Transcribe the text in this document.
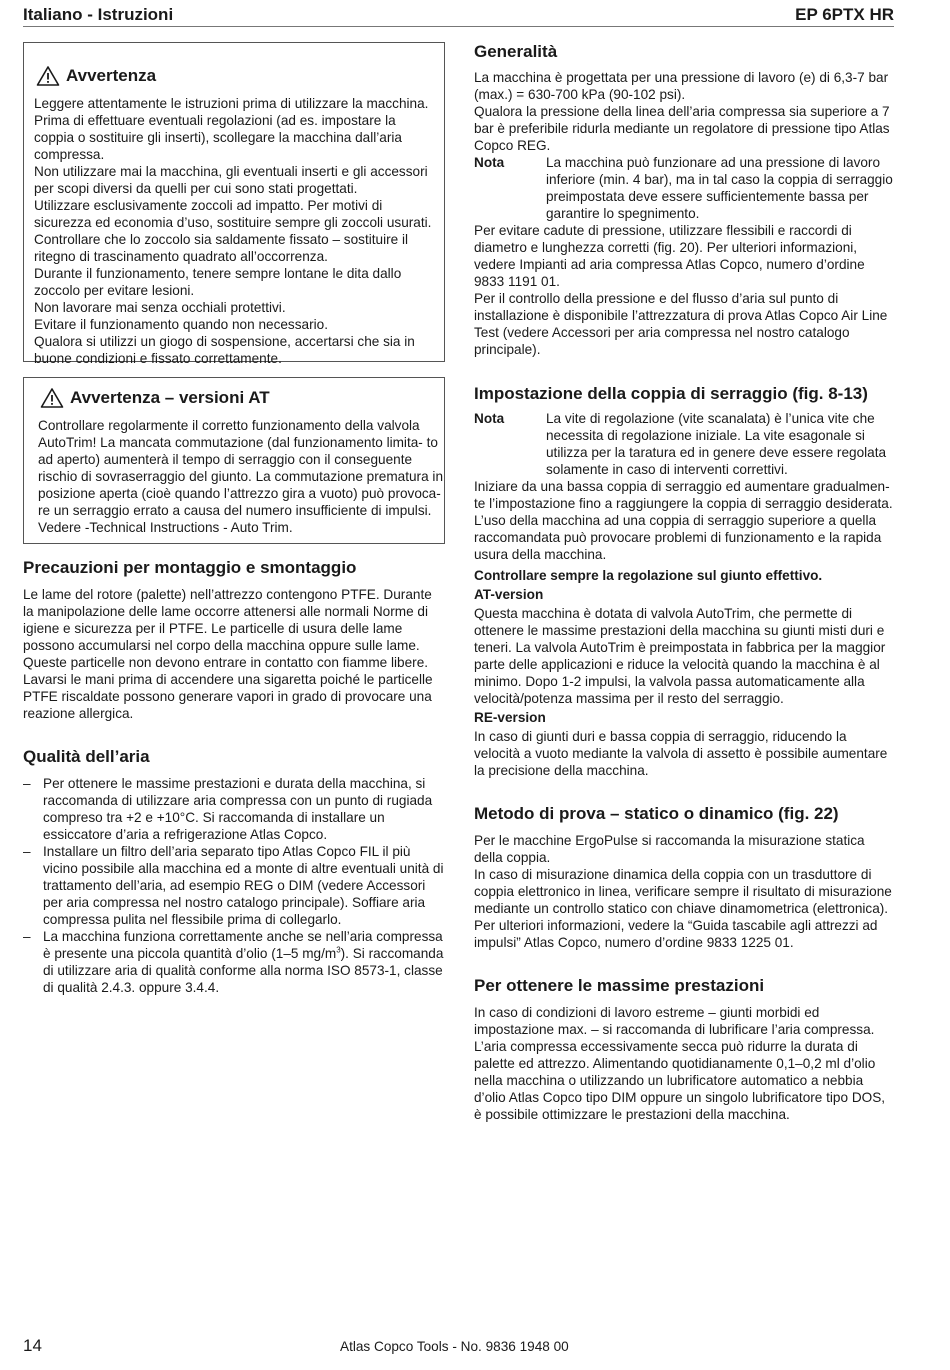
Italiano - Istruzioni	EP 6PTX HR
Avvertenza

Leggere attentamente le istruzioni prima di utilizzare la macchina.

Prima di effettuare eventuali regolazioni (ad es. impostare la coppia o sostituire gli inserti), scollegare la macchina dall’aria compressa.

Non utilizzare mai la macchina, gli eventuali inserti e gli accessori per scopi diversi da quelli per cui sono stati progettati.

Utilizzare esclusivamente zoccoli ad impatto. Per motivi di sicurezza ed economia d’uso, sostituire sempre gli zoccoli usurati.

Controllare che lo zoccolo sia saldamente fissato – sostituire il ritegno di trascinamento quadrato all’occorrenza.

Durante il funzionamento, tenere sempre lontane le dita dallo zoccolo per evitare lesioni.

Non lavorare mai senza occhiali protettivi.

Evitare il funzionamento quando non necessario.

Qualora si utilizzi un giogo di sospensione, accertarsi che sia in buone condizioni e fissato correttamente.

Avvertenza – versioni AT

Controllare regolarmente il corretto funzionamento della valvola AutoTrim! La mancata commutazione (dal funzionamento limita- to ad aperto) aumenterà il tempo di serraggio con il conseguente rischio di sovraserraggio del giunto. La commutazione prematura in posizione aperta (cioè quando l’attrezzo gira a vuoto) può provoca- re un serraggio errato a causa del numero insufficiente di impulsi. Vedere -Technical Instructions - Auto Trim.

Precauzioni per montaggio e smontaggio

Le lame del rotore (palette) nell’attrezzo contengono PTFE. Durante la manipolazione delle lame occorre attenersi alle normali Norme di igiene e sicurezza per il PTFE. Le particelle di usura delle lame possono accumularsi nel corpo della macchina oppure sulle lame. Queste particelle non devono entrare in contatto con fiamme libere. Lavarsi le mani prima di accendere una sigaretta poiché le particelle PTFE riscaldate possono generare vapori in grado di provocare una reazione allergica.

Qualità dell’aria
– Per ottenere le massime prestazioni e durata della macchina, si raccomanda di utilizzare aria compressa con un punto di rugiada compreso tra +2 e +10°C. Si raccomanda di installare un essiccatore d’aria a refrigerazione Atlas Copco.
– Installare un filtro dell’aria separato tipo Atlas Copco FIL il più vicino possibile alla macchina ed a monte di altre eventuali unità di trattamento dell’aria, ad esempio REG o DIM (vedere Accessori per aria compressa nel nostro catalogo principale). Soffiare aria compressa pulita nel flessibile prima di collegarlo.
– La macchina funziona correttamente anche se nell’aria compressa è presente una piccola quantità d’olio (1–5 $mg/m^3$). Si raccomanda di utilizzare aria di qualità conforme alla norma ISO 8573-1, classe di qualità 2.4.3. oppure 3.4.4.
Generalità

La macchina è progettata per una pressione di lavoro (e) di 6,3-7 bar (max.) = 630-700 kPa (90-102 psi).

Qualora la pressione della linea dell’aria compressa sia superiore a 7 bar è preferibile ridurla mediante un regolatore di pressione tipo Atlas Copco REG.

Nota	La macchina può funzionare ad una pressione di lavoro inferiore (min. 4 bar), ma in tal caso la coppia di serraggio preimpostata deve essere sufficientemente bassa per garantire lo spegnimento.

Per evitare cadute di pressione, utilizzare flessibili e raccordi di diametro e lunghezza corretti (fig. 20). Per ulteriori informazioni, vedere Impianti ad aria compressa Atlas Copco, numero d’ordine 9833 1191 01.

Per il controllo della pressione e del flusso d’aria sul punto di installazione è disponibile l’attrezzatura di prova Atlas Copco Air Line Test (vedere Accessori per aria compressa nel nostro catalogo principale).

Impostazione della coppia di serraggio (fig. 8-13)
Nota	La vite di regolazione (vite scanalata) è l’unica vite che necessita di regolazione iniziale. La vite esagonale si utilizza per la taratura ed in genere deve essere regolata solamente in caso di interventi correttivi.

Iniziare da una bassa coppia di serraggio ed aumentare gradualmen- te l’impostazione fino a raggiungere la coppia di serraggio desiderata. L’uso della macchina ad una coppia di serraggio superiore a quella raccomandata può provocare problemi di funzionamento e la rapida usura della macchina.

Controllare sempre la regolazione sul giunto effettivo.
AT-version

Questa macchina è dotata di valvola AutoTrim, che permette di ottenere le massime prestazioni della macchina su giunti misti duri e teneri. La valvola AutoTrim è preimpostata in fabbrica per la maggior parte delle applicazioni e riduce la velocità quando la macchina è al minimo. Dopo 1-2 impulsi, la valvola passa automaticamente alla velocità/potenza massima per il resto del serraggio.

RE-version

In caso di giunti duri e bassa coppia di serraggio, riducendo la velocità a vuoto mediante la valvola di assetto è possibile aumentare la precisione della macchina.

Metodo di prova – statico o dinamico (fig. 22)

Per le macchine ErgoPulse si raccomanda la misurazione statica della coppia.

In caso di misurazione dinamica della coppia con un trasduttore di coppia elettronico in linea, verificare sempre il risultato di misurazione mediante un controllo statico con chiave dinamometrica (elettronica). Per ulteriori informazioni, vedere la “Guida tascabile agli attrezzi ad impulsi” Atlas Copco, numero d’ordine 9833 1225 01.

Per ottenere le massime prestazioni

In caso di condizioni di lavoro estreme – giunti morbidi ed impostazione max. – si raccomanda di lubrificare l’aria compressa. L’aria compressa eccessivamente secca può ridurre la durata di palette ed attrezzo. Alimentando quotidianamente 0,1–0,2 ml d’olio nella macchina o utilizzando un lubrificatore automatico a nebbia d’olio Atlas Copco tipo DIM oppure un singolo lubrificatore tipo DOS, è possibile ottimizzare le prestazioni della macchina.

14	Atlas Copco Tools - No. 9836 1948 00
